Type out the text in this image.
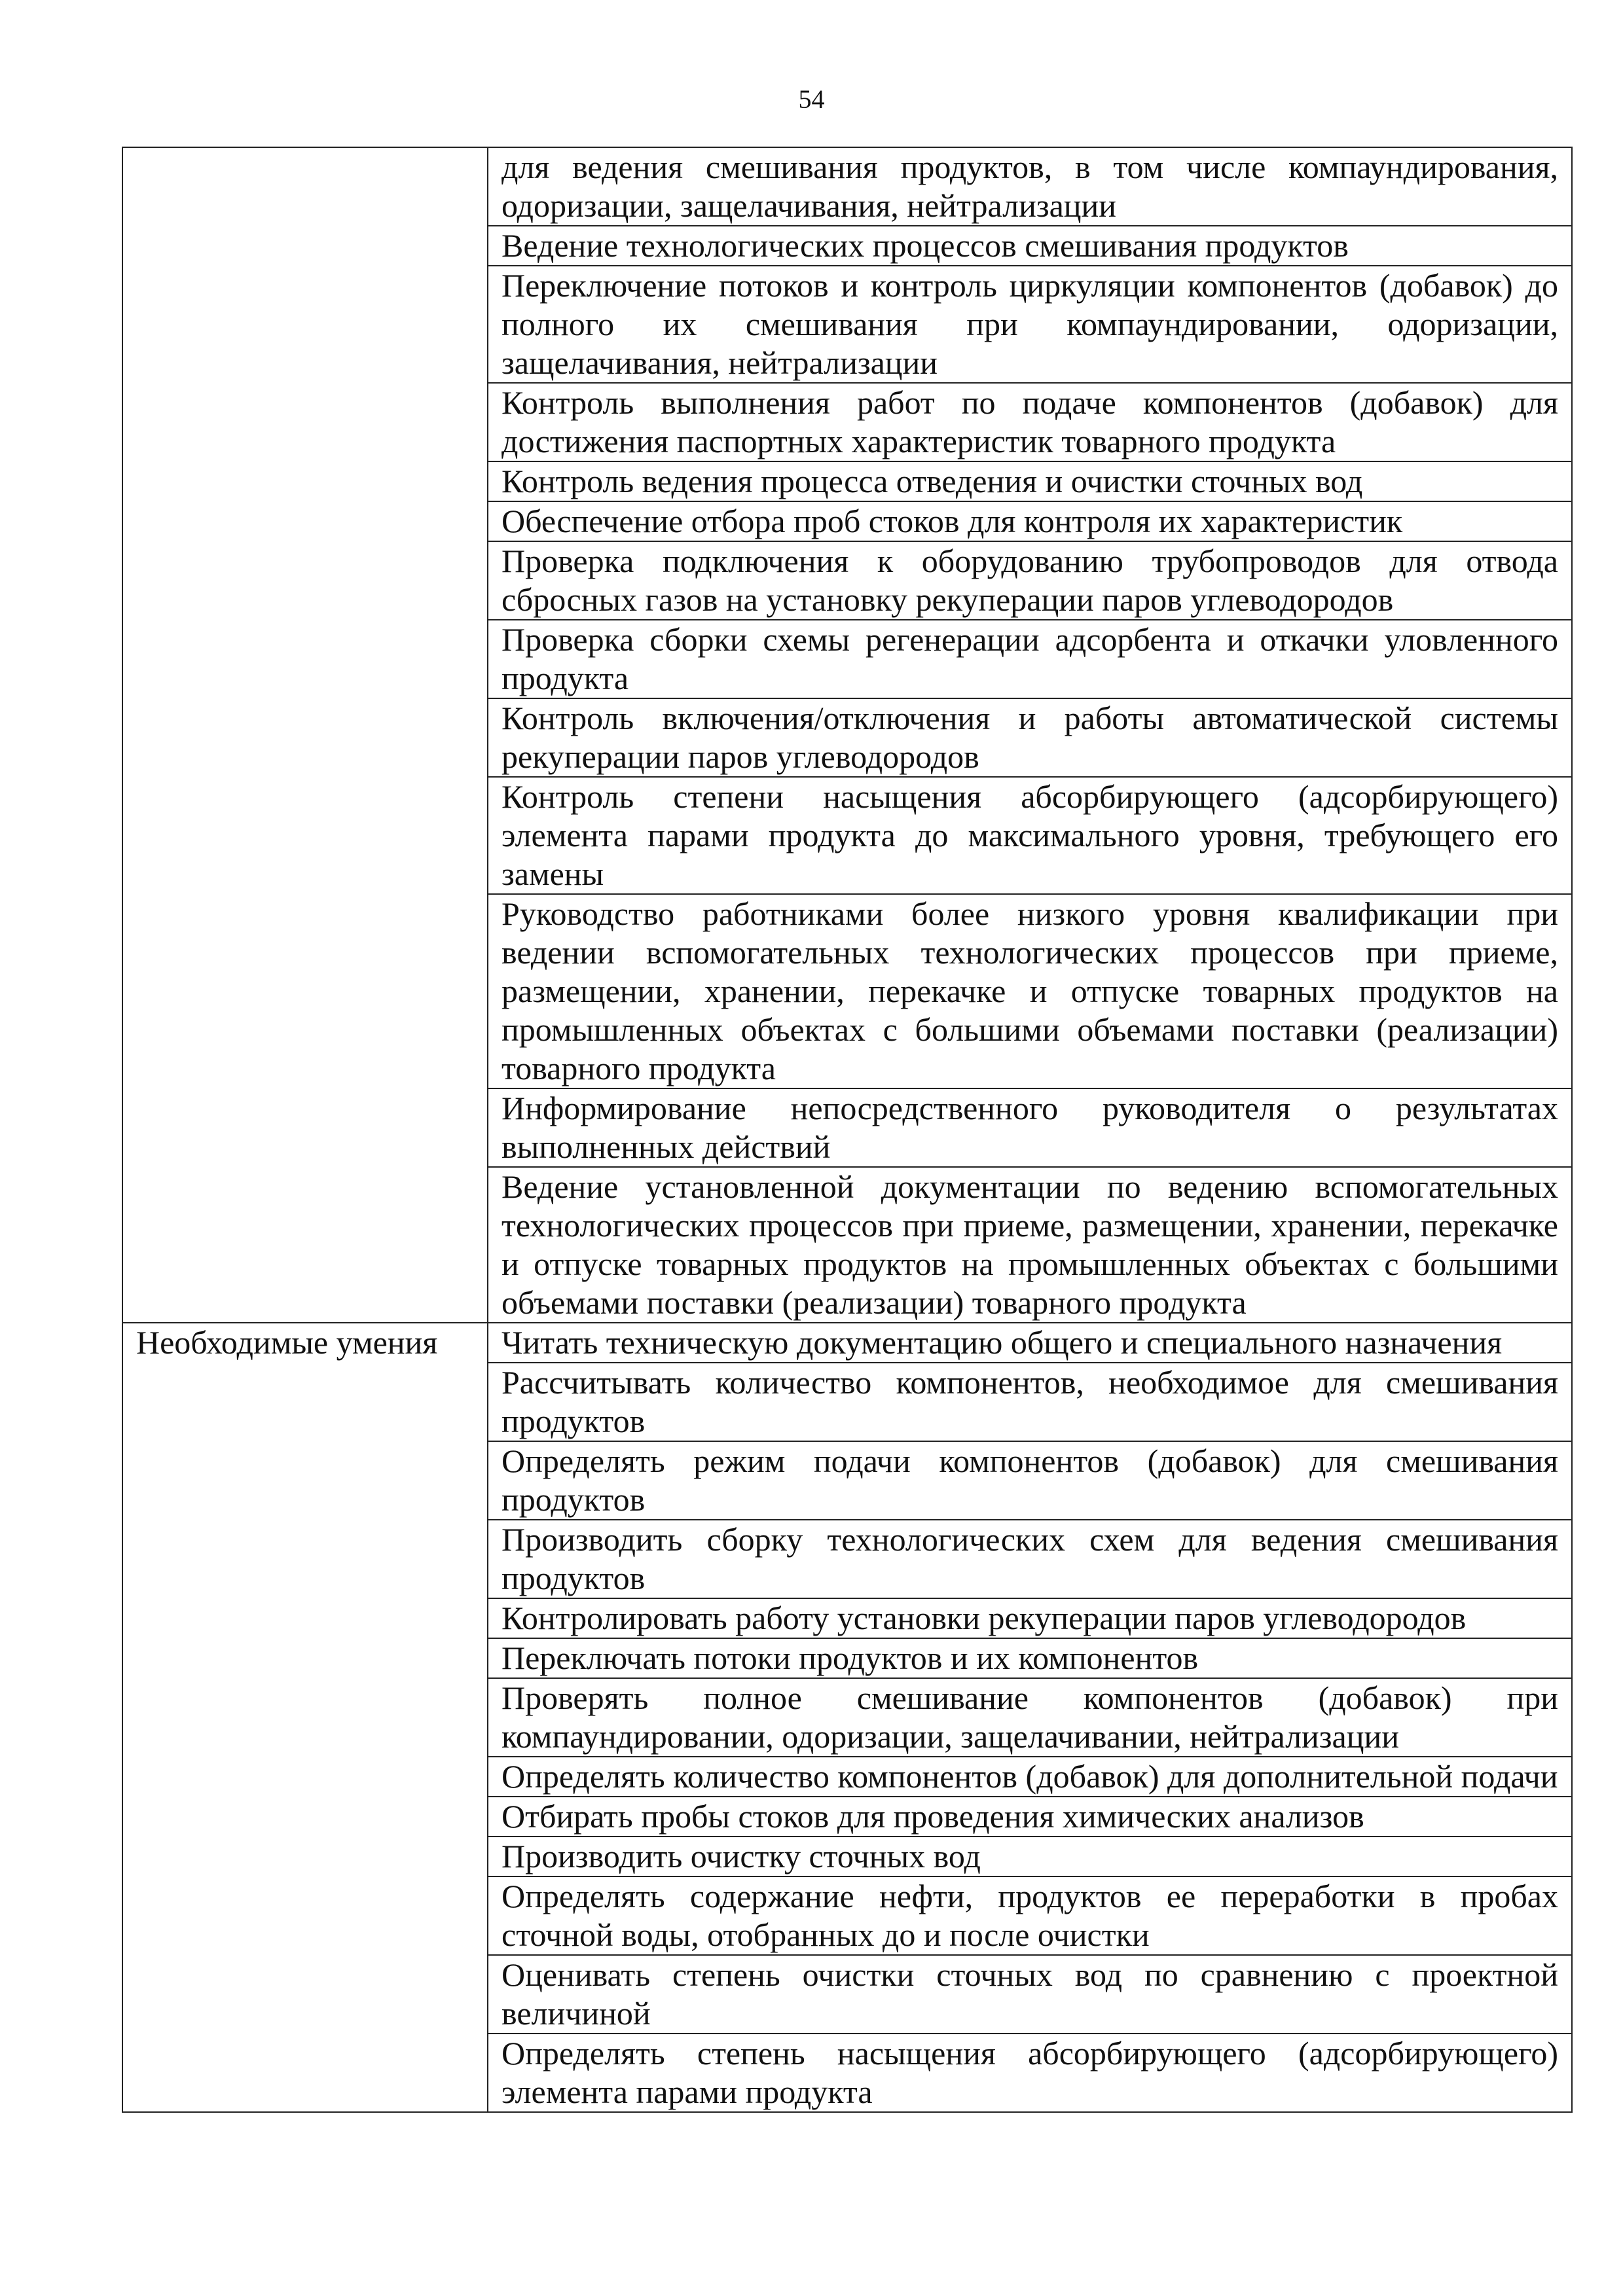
54
	для ведения смешивания продуктов, в том числе компаундирования, одоризации, защелачивания, нейтрализации
	Ведение технологических процессов смешивания продуктов
	Переключение потоков и контроль циркуляции компонентов (добавок) до полного их смешивания при компаундировании, одоризации, защелачивания, нейтрализации
	Контроль выполнения работ по подаче компонентов (добавок) для достижения паспортных характеристик товарного продукта
	Контроль ведения процесса отведения и очистки сточных вод
	Обеспечение отбора проб стоков для контроля их характеристик
	Проверка подключения к оборудованию трубопроводов для отвода сбросных газов на установку рекуперации паров углеводородов
	Проверка сборки схемы регенерации адсорбента и откачки уловленного продукта
	Контроль включения/отключения и работы автоматической системы рекуперации паров углеводородов
	Контроль степени насыщения абсорбирующего (адсорбирующего) элемента парами продукта до максимального уровня, требующего его замены
	Руководство работниками более низкого уровня квалификации при ведении вспомогательных технологических процессов при приеме, размещении, хранении, перекачке и отпуске товарных продуктов на промышленных объектах с большими объемами поставки (реализации) товарного продукта
	Информирование непосредственного руководителя о результатах выполненных действий
	Ведение установленной документации по ведению вспомогательных технологических процессов при приеме, размещении, хранении, перекачке и отпуске товарных продуктов на промышленных объектах с большими объемами поставки (реализации) товарного продукта
Необходимые умения	Читать техническую документацию общего и специального назначения
	Рассчитывать количество компонентов, необходимое для смешивания продуктов
	Определять режим подачи компонентов (добавок) для смешивания продуктов
	Производить сборку технологических схем для ведения смешивания продуктов
	Контролировать работу установки рекуперации паров углеводородов
	Переключать потоки продуктов и их компонентов
	Проверять полное смешивание компонентов (добавок) при компаундировании, одоризации, защелачивании, нейтрализации
	Определять количество компонентов (добавок) для дополнительной подачи
	Отбирать пробы стоков для проведения химических анализов
	Производить очистку сточных вод
	Определять содержание нефти, продуктов ее переработки в пробах сточной воды, отобранных до и после очистки
	Оценивать степень очистки сточных вод по сравнению с проектной величиной
	Определять степень насыщения абсорбирующего (адсорбирующего) элемента парами продукта
